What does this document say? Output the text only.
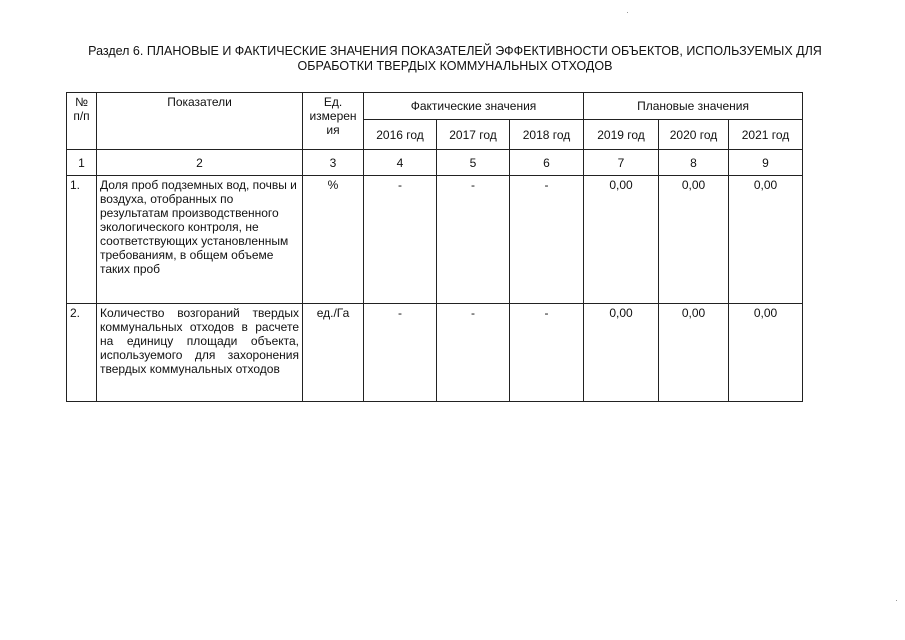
Раздел 6. ПЛАНОВЫЕ И ФАКТИЧЕСКИЕ ЗНАЧЕНИЯ ПОКАЗАТЕЛЕЙ ЭФФЕКТИВНОСТИ ОБЪЕКТОВ, ИСПОЛЬЗУЕМЫХ ДЛЯ
ОБРАБОТКИ ТВЕРДЫХ КОММУНАЛЬНЫХ ОТХОДОВ
№ п/п	Показатели	Ед. измерен ия	Фактические значения			Плановые значения		
			2016 год	2017 год	2018 год	2019 год	2020 год	2021 год
1	2	3	4	5	6	7	8	9
1.	Доля проб подземных вод, почвы и воздуха, отобранных по результатам производственного экологического контроля, не соответствующих установленным требованиям, в общем объеме таких проб	%	-	-	-	0,00	0,00	0,00
2.	Количество возгораний твердых коммунальных отходов в расчете на единицу площади объекта, используемого для захоронения твердых коммунальных отходов	ед./Га	-	-	-	0,00	0,00	0,00
